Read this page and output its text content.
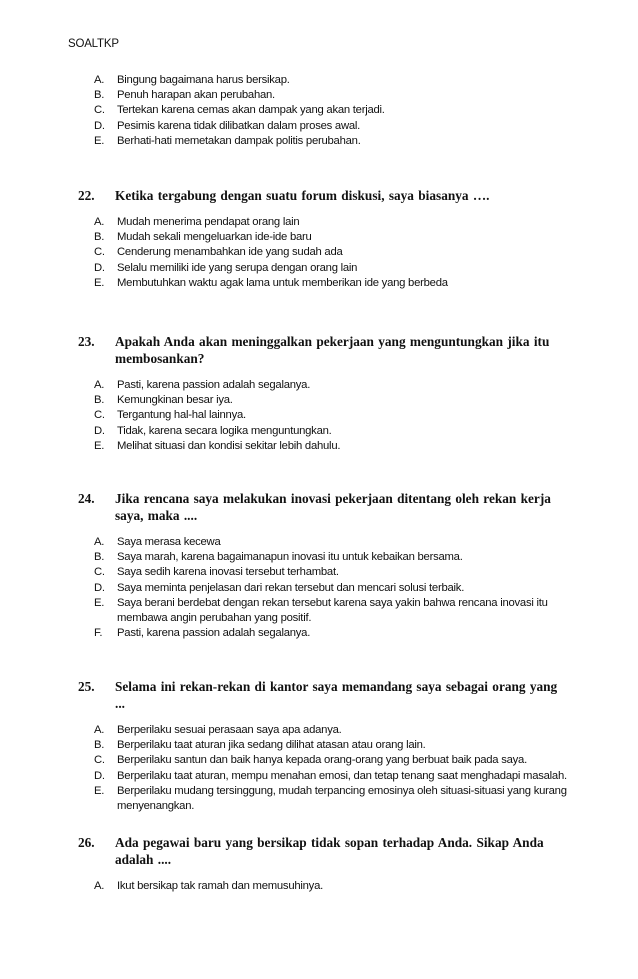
SOALTKP
A.	Bingung bagaimana harus bersikap.
B.	Penuh harapan akan perubahan.
C.	Tertekan karena cemas akan dampak yang akan terjadi.
D.	Pesimis karena tidak dilibatkan dalam proses awal.
E.	Berhati-hati memetakan dampak politis perubahan.
22.	Ketika tergabung dengan suatu forum diskusi, saya biasanya ….
A.	Mudah menerima pendapat orang lain
B.	Mudah sekali mengeluarkan ide-ide baru
C.	Cenderung menambahkan ide yang sudah ada
D.	Selalu memiliki ide yang serupa dengan orang lain
E.	Membutuhkan waktu agak lama untuk memberikan ide yang berbeda
23.	Apakah Anda akan meninggalkan pekerjaan yang menguntungkan jika itu membosankan?
A.	Pasti, karena passion adalah segalanya.
B.	Kemungkinan besar iya.
C.	Tergantung hal-hal lainnya.
D.	Tidak, karena secara logika menguntungkan.
E.	Melihat situasi dan kondisi sekitar lebih dahulu.
24.	Jika rencana saya melakukan inovasi pekerjaan ditentang oleh rekan kerja saya, maka ....
A.	Saya merasa kecewa
B.	Saya marah, karena bagaimanapun inovasi itu untuk kebaikan bersama.
C.	Saya sedih karena inovasi tersebut terhambat.
D.	Saya meminta penjelasan dari rekan tersebut dan mencari solusi terbaik.
E.	Saya berani berdebat dengan rekan tersebut karena saya yakin bahwa rencana inovasi itu membawa angin perubahan yang positif.
F.	Pasti, karena passion adalah segalanya.
25.	Selama ini rekan-rekan di kantor saya memandang saya sebagai orang yang ...
A.	Berperilaku sesuai perasaan saya apa adanya.
B.	Berperilaku taat aturan jika sedang dilihat atasan atau orang lain.
C.	Berperilaku santun dan baik hanya kepada orang-orang yang berbuat baik pada saya.
D.	Berperilaku taat aturan, mempu menahan emosi, dan tetap tenang saat menghadapi masalah.
E.	Berperilaku mudang tersinggung, mudah terpancing emosinya oleh situasi-situasi yang kurang menyenangkan.
26.	Ada pegawai baru yang bersikap tidak sopan terhadap Anda. Sikap Anda adalah ....
A.	Ikut bersikap tak ramah dan memusuhinya.
